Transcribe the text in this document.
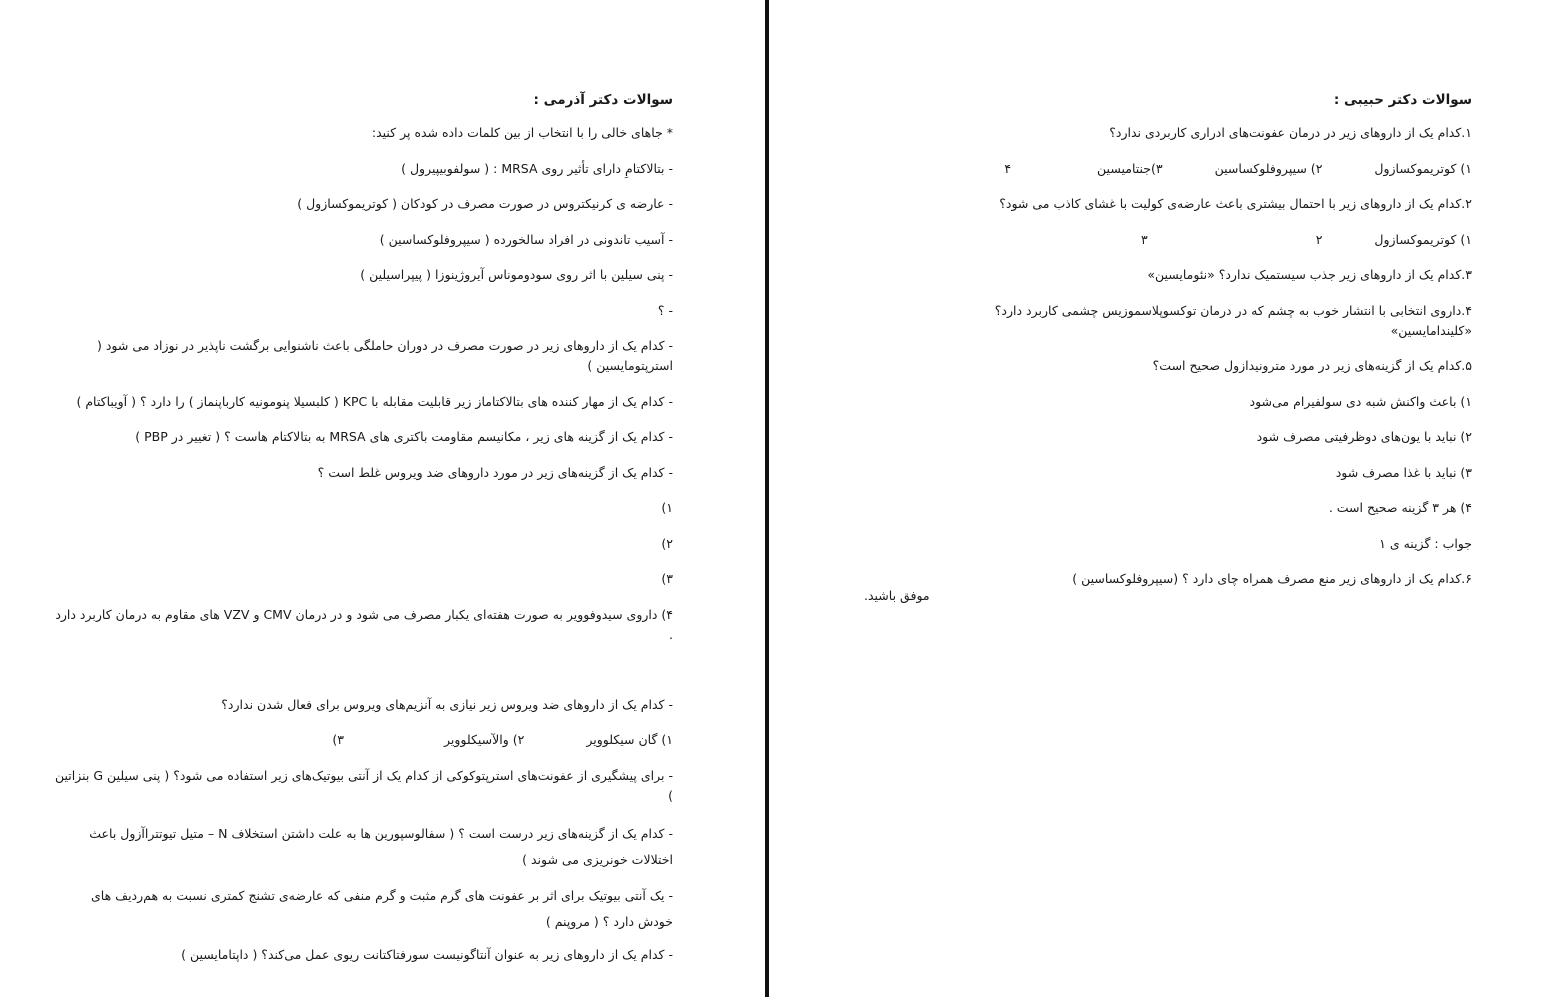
سوالات دکتر آذرمی :
* جاهای خالی را با انتخاب از بین کلمات داده شده پر کنید:
- بتالاکتامِ دارای تأثیر روی MRSA : ( سولفوبیپیرول )
- عارضه ی کرنیکتروس در صورت مصرف در کودکان ( کوتریموکسازول )
- آسیب تاندونی در افراد سالخورده ( سیپروفلوکساسین )
- پنی سیلین با اثر روی سودوموناس آیروژینوزا ( پیپراسیلین )
- ؟
- کدام یک از داروهای زیر در صورت مصرف در دوران حاملگی باعث ناشنوایی برگشت ناپذیر در نوزاد می شود ( استرپتومایسین )
- کدام یک از مهار کننده های بتالاکتاماز زیر قابلیت مقابله با KPC ( کلبسیلا پنومونیه کارباپنماز ) را دارد ؟ ( آویباکتام )
- کدام یک از گزینه های زیر ، مکانیسم مقاومت باکتری های MRSA به بتالاکتام هاست ؟ ( تغییر در PBP )
- کدام یک از گزینه‌های زیر در مورد داروهای ضد ویروس غلط است ؟
۱)
۲)
۳)
۴) داروی سیدوفوویر به صورت هفته‌ای یکبار مصرف می شود و در درمان CMV و VZV های مقاوم به درمان کاربرد دارد .
- کدام یک از داروهای ضد ویروس زیر نیازی به آنزیم‌های ویروس برای فعال شدن ندارد؟
۱) گان سیکلوویر
۲) والآسیکلوویر
۳)
- برای پیشگیری از عفونت‌های استرپتوکوکی از کدام یک از آنتی بیوتیک‌های زیر استفاده می شود؟ ( پنی سیلین G بنزاتین )
- کدام یک از گزینه‌های زیر درست است ؟ ( سفالوسپورین ها به علت داشتن استخلاف N – متیل تیوتترا‌آزول باعث اختلالات خونریزی می شوند )
- یک آنتی بیوتیک برای اثر بر عفونت های گرم مثبت و گرم منفی که عارضه‌ی تشنج کمتری نسبت به هم‌ردیف های خودش دارد ؟ ( مروپنم )
- کدام یک از داروهای زیر به عنوان آنتاگونیست سورفتاکتانت ریوی عمل می‌کند؟ ( داپتامایسین )
سوالات دکتر حبیبی :
۱.کدام یک از داروهای زیر در درمان عفونت‌های ادراری کاربردی ندارد؟
۱) کوتریموکسازول
۲) سیپروفلوکساسین
۳)جنتامیسین
۴
۲.کدام یک از داروهای زیر با احتمال بیشتری باعث عارضه‌ی کولیت با غشای کاذب می شود؟
۱) کوتریموکسازول
۲
۳
۳.کدام یک از داروهای زیر جذب سیستمیک ندارد؟ «نئومایسین»
۴.داروی انتخابی با انتشار خوب به چشم که در درمان توکسوپلاسموزیس چشمی کاربرد دارد؟ «کلیندامایسین»
۵.کدام یک از گزینه‌های زیر در مورد مترونیدازول صحیح است؟
۱) باعث واکنش شبه دی سولفیرام می‌شود
۲) نباید با یون‌های دوظرفیتی مصرف شود
۳) نباید با غذا مصرف شود
۴) هر ۳ گزینه صحیح است .
جواب : گزینه ی ۱
۶.کدام یک از داروهای زیر منع مصرف همراه چای دارد ؟ (سیپروفلوکساسین )
موفق باشید.
